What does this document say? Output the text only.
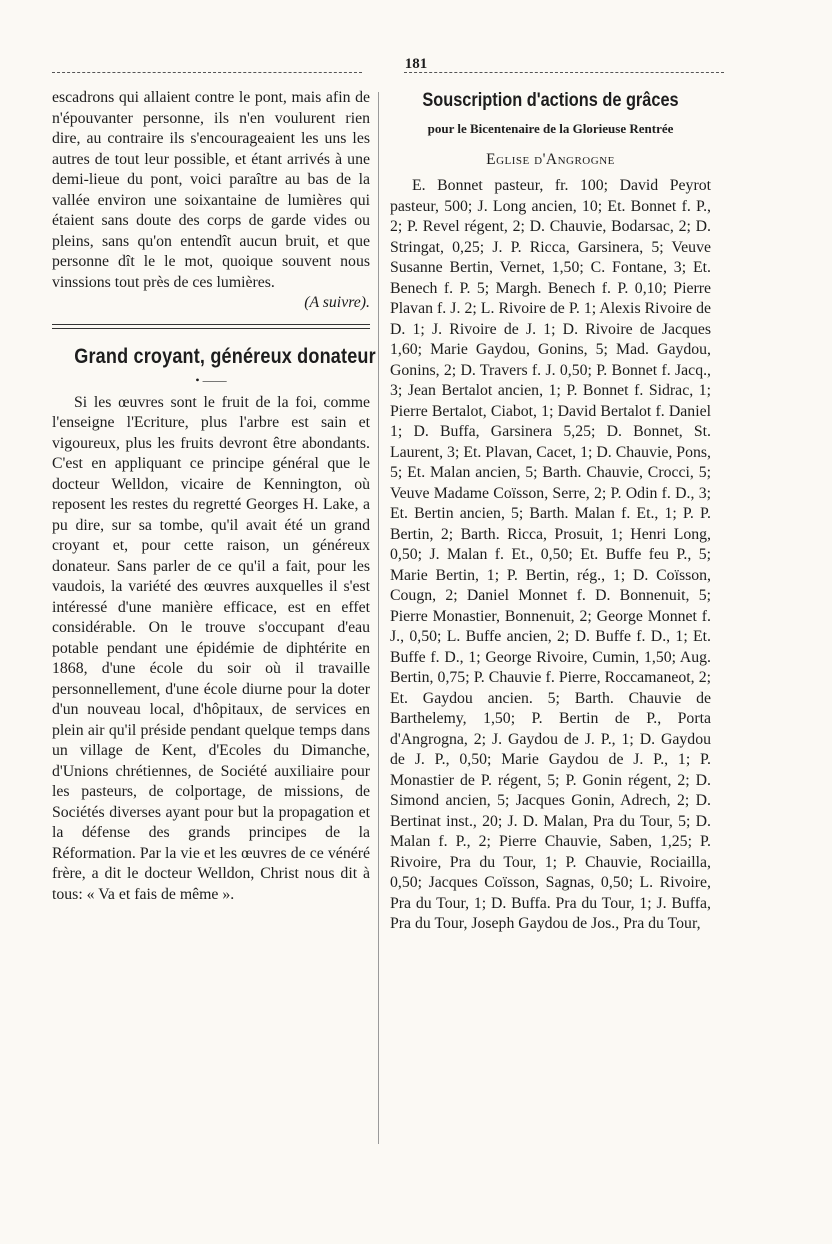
181

escadrons qui allaient contre le pont, mais afin de n'épouvanter personne, ils n'en voulurent rien dire, au contraire ils s'encourageaient les uns les autres de tout leur possible, et étant arrivés à une demi-lieue du pont, voici paraître au bas de la vallée environ une soixantaine de lumières qui étaient sans doute des corps de garde vides ou pleins, sans qu'on entendît aucun bruit, et que personne dît le le mot, quoique souvent nous vinssions tout près de ces lumières.

(A suivre).

Grand croyant, généreux donateur
• ——

Si les œuvres sont le fruit de la foi, comme l'enseigne l'Ecriture, plus l'arbre est sain et vigoureux, plus les fruits devront être abondants. C'est en appliquant ce principe général que le docteur Welldon, vicaire de Kennington, où reposent les restes du regretté Georges H. Lake, a pu dire, sur sa tombe, qu'il avait été un grand croyant et, pour cette raison, un généreux donateur. Sans parler de ce qu'il a fait, pour les vaudois, la variété des œuvres auxquelles il s'est intéressé d'une manière efficace, est en effet considérable. On le trouve s'occupant d'eau potable pendant une épidémie de diphtérite en 1868, d'une école du soir où il travaille personnellement, d'une école diurne pour la doter d'un nouveau local, d'hôpitaux, de services en plein air qu'il préside pendant quelque temps dans un village de Kent, d'Ecoles du Dimanche, d'Unions chrétiennes, de Société auxiliaire pour les pasteurs, de colportage, de missions, de Sociétés diverses ayant pour but la propagation et la défense des grands principes de la Réformation. Par la vie et les œuvres de ce vénéré frère, a dit le docteur Welldon, Christ nous dit à tous: « Va et fais de même ».

Souscription d'actions de grâces
pour le Bicentenaire de la Glorieuse Rentrée
Eglise d'Angrogne

E. Bonnet pasteur, fr. 100; David Peyrot pasteur, 500; J. Long ancien, 10; Et. Bonnet f. P., 2; P. Revel régent, 2; D. Chauvie, Bodarsac, 2; D. Stringat, 0,25; J. P. Ricca, Garsinera, 5; Veuve Susanne Bertin, Vernet, 1,50; C. Fontane, 3; Et. Benech f. P. 5; Margh. Benech f. P. 0,10; Pierre Plavan f. J. 2; L. Rivoire de P. 1; Alexis Rivoire de D. 1; J. Rivoire de J. 1; D. Rivoire de Jacques 1,60; Marie Gaydou, Gonins, 5; Mad. Gaydou, Gonins, 2; D. Travers f. J. 0,50; P. Bonnet f. Jacq., 3; Jean Bertalot ancien, 1; P. Bonnet f. Sidrac, 1; Pierre Bertalot, Ciabot, 1; David Bertalot f. Daniel 1; D. Buffa, Garsinera 5,25; D. Bonnet, St. Laurent, 3; Et. Plavan, Cacet, 1; D. Chauvie, Pons, 5; Et. Malan ancien, 5; Barth. Chauvie, Crocci, 5; Veuve Madame Coïsson, Serre, 2; P. Odin f. D., 3; Et. Bertin ancien, 5; Barth. Malan f. Et., 1; P. P. Bertin, 2; Barth. Ricca, Prosuit, 1; Henri Long, 0,50; J. Malan f. Et., 0,50; Et. Buffe feu P., 5; Marie Bertin, 1; P. Bertin, rég., 1; D. Coïsson, Cougn, 2; Daniel Monnet f. D. Bonnenuit, 5; Pierre Monastier, Bonnenuit, 2; George Monnet f. J., 0,50; L. Buffe ancien, 2; D. Buffe f. D., 1; Et. Buffe f. D., 1; George Rivoire, Cumin, 1,50; Aug. Bertin, 0,75; P. Chauvie f. Pierre, Roccamaneot, 2; Et. Gaydou ancien. 5; Barth. Chauvie de Barthelemy, 1,50; P. Bertin de P., Porta d'Angrogna, 2; J. Gaydou de J. P., 1; D. Gaydou de J. P., 0,50; Marie Gaydou de J. P., 1; P. Monastier de P. régent, 5; P. Gonin régent, 2; D. Simond ancien, 5; Jacques Gonin, Adrech, 2; D. Bertinat inst., 20; J. D. Malan, Pra du Tour, 5; D. Malan f. P., 2; Pierre Chauvie, Saben, 1,25; P. Rivoire, Pra du Tour, 1; P. Chauvie, Rociailla, 0,50; Jacques Coïsson, Sagnas, 0,50; L. Rivoire, Pra du Tour, 1; D. Buffa. Pra du Tour, 1; J. Buffa, Pra du Tour, Joseph Gaydou de Jos., Pra du Tour,
